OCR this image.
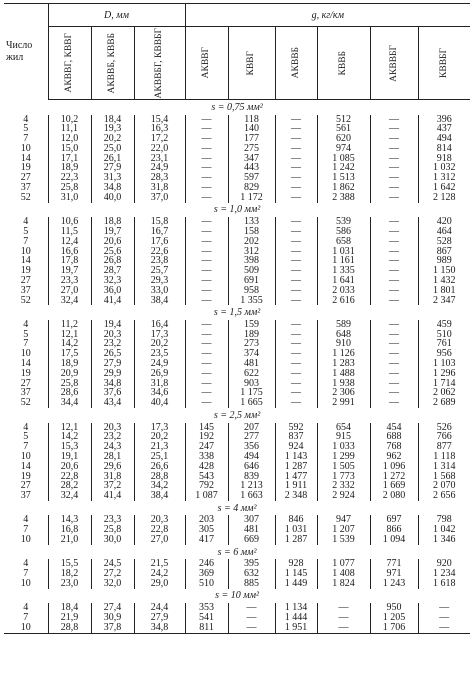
Число жил	D, мм			g, кг/км					

	АКВВГ, КВВГ	АКВВБ, КВВБ	АКВВБГ, КВВБГ	АКВВГ	КВВГ	АКВВБ	КВВБ	АКВВБГ	КВВБГ

s = 0,75 мм²									
4	10,2	18,4	15,4	—	118	—	512	—	396
5	11,1	19,3	16,3	—	140	—	561	—	437
7	12,0	20,2	17,2	—	177	—	620	—	494
10	15,0	25,0	22,0	—	275	—	974	—	814
14	17,1	26,1	23,1	—	347	—	1 085	—	918
19	18,9	27,9	24,9	—	443	—	1 242	—	1 032
27	22,3	31,3	28,3	—	597	—	1 513	—	1 312
37	25,8	34,8	31,8	—	829	—	1 862	—	1 642
52	31,0	40,0	37,0	—	1 172	—	2 388	—	2 128
s = 1,0 мм²									
4	10,6	18,8	15,8	—	133	—	539	—	420
5	11,5	19,7	16,7	—	158	—	586	—	464
7	12,4	20,6	17,6	—	202	—	658	—	528
10	16,6	25,6	22,6	—	312	—	1 031	—	867
14	17,8	26,8	23,8	—	398	—	1 161	—	989
19	19,7	28,7	25,7	—	509	—	1 335	—	1 150
27	23,3	32,3	29,3	—	691	—	1 641	—	1 432
37	27,0	36,0	33,0	—	958	—	2 033	—	1 801
52	32,4	41,4	38,4	—	1 355	—	2 616	—	2 347
s = 1,5 мм²									
4	11,2	19,4	16,4	—	159	—	589	—	459
5	12,1	20,3	17,3	—	189	—	648	—	510
7	14,2	23,2	20,2	—	273	—	910	—	761
10	17,5	26,5	23,5	—	374	—	1 126	—	956
14	18,9	27,9	24,9	—	481	—	1 283	—	1 103
19	20,9	29,9	26,9	—	622	—	1 488	—	1 296
27	25,8	34,8	31,8	—	903	—	1 938	—	1 714
37	28,6	37,6	34,6	—	1 175	—	2 306	—	2 062
52	34,4	43,4	40,4	—	1 665	—	2 991	—	2 689
s = 2,5 мм²									
4	12,1	20,3	17,3	145	207	592	654	454	526
5	14,2	23,2	20,2	192	277	837	915	688	766
7	15,3	24,3	21,3	247	356	924	1 033	768	877
10	19,1	28,1	25,1	338	494	1 143	1 299	962	1 118
14	20,6	29,6	26,6	428	646	1 287	1 505	1 096	1 314
19	22,8	31,8	28,8	543	839	1 477	1 773	1 272	1 568
27	28,2	37,2	34,2	792	1 213	1 911	2 332	1 669	2 070
37	32,4	41,4	38,4	1 087	1 663	2 348	2 924	2 080	2 656
s = 4 мм²									
4	14,3	23,3	20,3	203	307	846	947	697	798
7	16,8	25,8	22,8	305	481	1 031	1 207	866	1 042
10	21,0	30,0	27,0	417	669	1 287	1 539	1 094	1 346
s = 6 мм²									
4	15,5	24,5	21,5	246	395	928	1 077	771	920
7	18,2	27,2	24,2	369	632	1 145	1 408	971	1 234
10	23,0	32,0	29,0	510	885	1 449	1 824	1 243	1 618
s = 10 мм²									
4	18,4	27,4	24,4	353	—	1 134	—	950	—
7	21,9	30,9	27,9	541	—	1 444	—	1 205	—
10	28,8	37,8	34,8	811	—	1 951	—	1 706	—
